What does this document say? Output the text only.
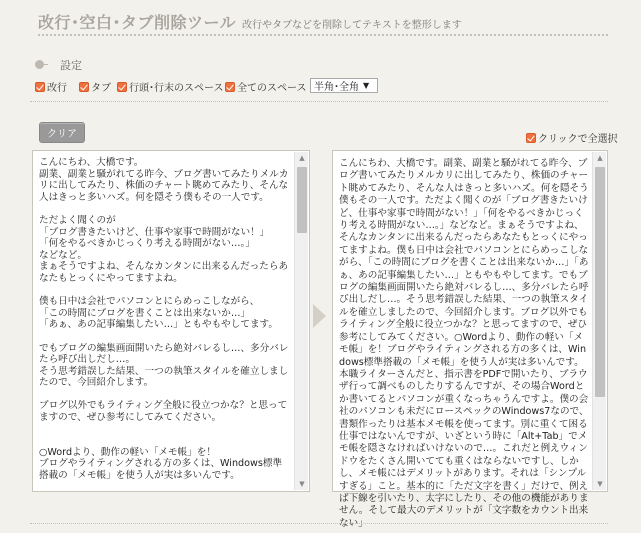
改行･空白･タブ削除ツール 改行やタブなどを削除してテキストを整形します
設定
改行 タブ 行頭･行末のスペース 全てのスペース 半角･全角 ▼
クリア	クリックで全選択
こんにちわ、大橋です。
副業、副業と騒がれてる昨今、ブログ書いてみたりメルカリに出してみたり、株価のチャート眺めてみたり、そんな人はきっと多いハズ。何を隠そう僕もその一人です。

ただよく聞くのが
「ブログ書きたいけど、仕事や家事で時間がない！」
「何をやるべきかじっくり考える時間がない…。」
などなど。
まぁそうですよね、そんなカンタンに出来るんだったらあなたもとっくにやってますよね。

僕も日中は会社でパソコンとにらめっこしながら、
「この時間にブログを書くことは出来ないか…」
「あぁ、あの記事編集したい…」ともやもやしてます。

でもブログの編集画面開いたら絶対バレるし…、多分バレたら呼び出しだし…。
そう思考錯誤した結果、一つの執筆スタイルを確立しましたので、今回紹介します。

ブログ以外でもライティング全般に役立つかな？と思ってますので、ぜひ参考にしてみてください。

○Wordより、動作の軽い「メモ帳」を！
ブログやライティングされる方の多くは、Windows標準搭載の「メモ帳」を使う人が実は多いんです。
▲
▼
こんにちわ、大橋です。副業、副業と騒がれてる昨今、ブログ書いてみたりメルカリに出してみたり、株価のチャート眺めてみたり、そんな人はきっと多いハズ。何を隠そう僕もその一人です。ただよく聞くのが「ブログ書きたいけど、仕事や家事で時間がない！」「何をやるべきかじっくり考える時間がない…。」などなど。まぁそうですよね、そんなカンタンに出来るんだったらあなたもとっくにやってますよね。僕も日中は会社でパソコンとにらめっこしながら、「この時間にブログを書くことは出来ないか…」「あぁ、あの記事編集したい…」ともやもやしてます。でもブログの編集画面開いたら絶対バレるし…、多分バレたら呼び出しだし…。そう思考錯誤した結果、一つの執筆スタイルを確立しましたので、今回紹介します。ブログ以外でもライティング全般に役立つかな？と思ってますので、ぜひ参考にしてみてください。○Wordより、動作の軽い「メモ帳」を！ブログやライティングされる方の多くは、Windows標準搭載の「メモ帳」を使う人が実は多いんです。本職ライターさんだと、指示書をPDFで開いたり、ブラウザ行って調べものしたりするんですが、その場合Wordとか書いてるとパソコンが重くなっちゃうんですよ。僕の会社のパソコンも未だにロースペックのWindows7なので、書類作ったりは基本メモ帳を使ってます。別に重くて困る仕事ではないんですが、いざという時に「Alt+Tab」でメモ帳を隠さなければいけないので…。これだと例えウィンドウをたくさん開いてても重くはならないですし、しかし、メモ帳にはデメリットがあります。それは「シンプルすぎる」こと。基本的に「ただ文字を書く」だけで、例えば下線を引いたり、太字にしたり、その他の機能がありません。そして最大のデメリットが「文字数をカウント出来ない」
▲
▼
